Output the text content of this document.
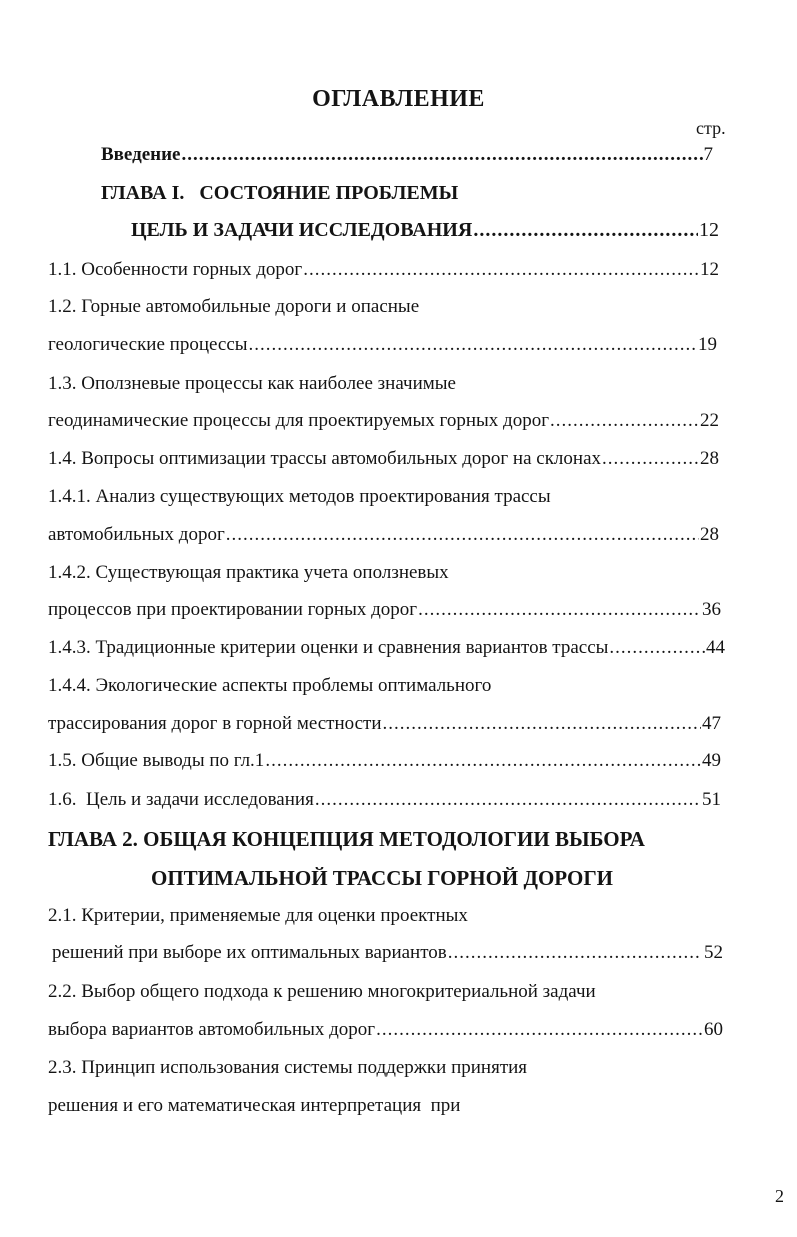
ОГЛАВЛЕНИЕ
стр.
Введение .....	7
ГЛАВА I.   СОСТОЯНИЕ ПРОБЛЕМЫ
ЦЕЛЬ И ЗАДАЧИ ИССЛЕДОВАНИЯ .....	12
1.1. Особенности горных дорог .....	12
1.2. Горные автомобильные дороги и опасные
геологические процессы .....	19
1.3. Оползневые процессы как наиболее значимые
геодинамические процессы для проектируемых горных дорог .....	22
1.4. Вопросы оптимизации трассы автомобильных дорог на склонах .....	28
1.4.1. Анализ существующих методов проектирования трассы
автомобильных дорог .....	28
1.4.2. Существующая практика учета оползневых
процессов при проектировании горных дорог .....	36
1.4.3. Традиционные критерии оценки и сравнения вариантов трассы .....	44
1.4.4. Экологические аспекты проблемы оптимального
трассирования дорог в горной местности .....	47
1.5. Общие выводы по гл.1 .....	49
1.6.  Цель и задачи исследования .....	51
ГЛАВА 2. ОБЩАЯ КОНЦЕПЦИЯ МЕТОДОЛОГИИ ВЫБОРА
ОПТИМАЛЬНОЙ ТРАССЫ ГОРНОЙ ДОРОГИ
2.1. Критерии, применяемые для оценки проектных
решений при выборе их оптимальных вариантов .....	52
2.2. Выбор общего подхода к решению многокритериальной задачи
выбора вариантов автомобильных дорог .....	60
2.3. Принцип использования системы поддержки принятия
решения и его математическая интерпретация  при
2
